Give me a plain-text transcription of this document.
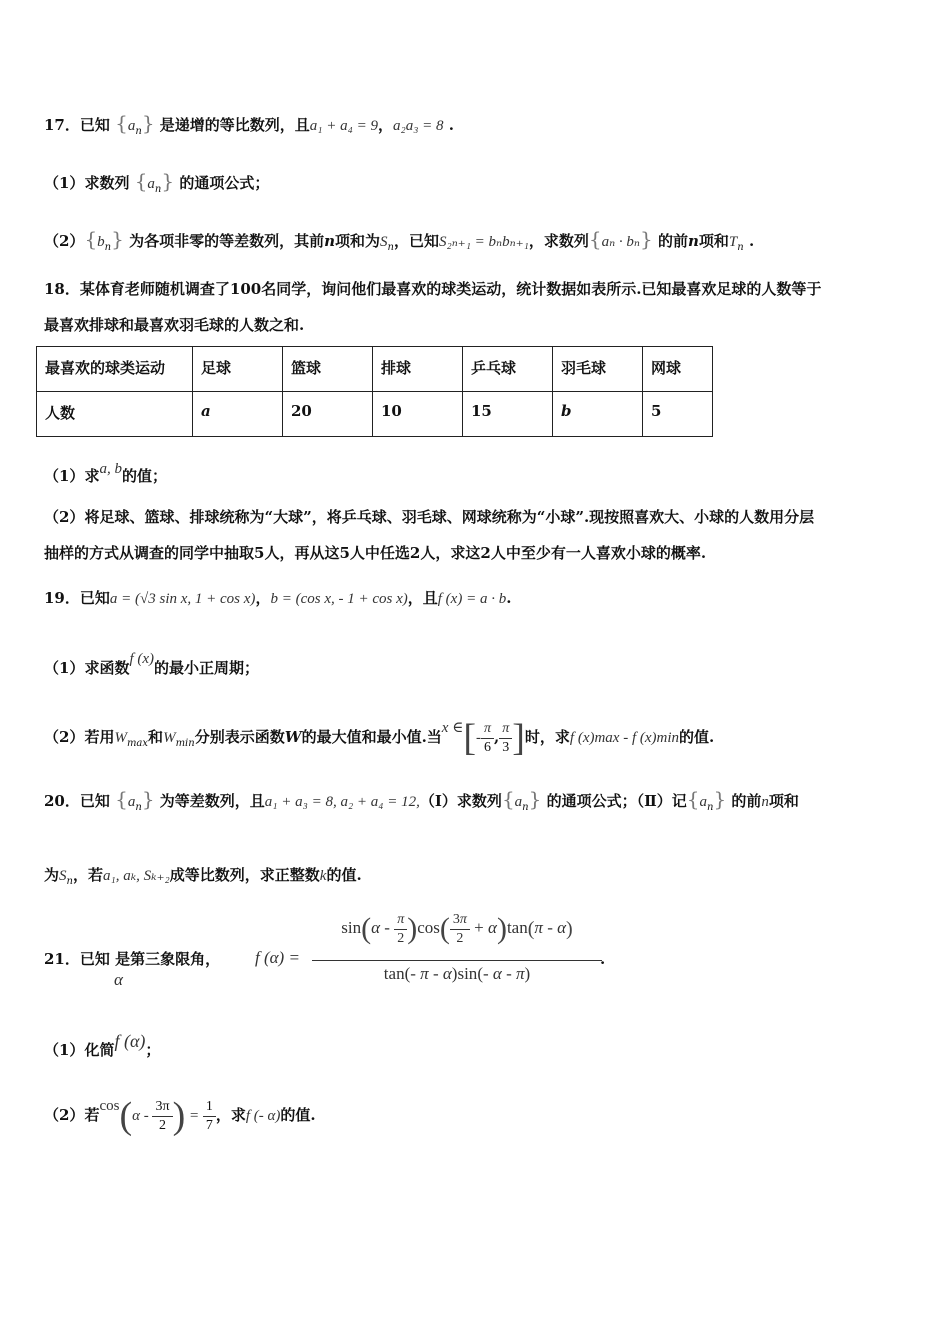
17．已知 $\{a_n\}$ 是递增的等比数列，且a₁ + a₄ = 9，a₂a₃ = 8 .
（1）求数列 $\{a_n\}$ 的通项公式；
$(2)\{b_n\}$ 为各项非零的等差数列，其前n项和为$S_n$，已知S₂ₙ₊₁ = bₙbₙ₊₁，求数列{aₙ · bₙ} 的前n项和$T_n$ .
18．某体育老师随机调查了100名同学，询问他们最喜欢的球类运动，统计数据如表所示.已知最喜欢足球的人数等于
最喜欢排球和最喜欢羽毛球的人数之和.
最喜欢的球类运动	足球	篮球	排球	乒乓球	羽毛球	网球
人数	a	20	10	15	b	5
（1）求a, b的值；
（2）将足球、篮球、排球统称为“大球”，将乒乓球、羽毛球、网球统称为“小球”.现按照喜欢大、小球的人数用分层
抽样的方式从调查的同学中抽取5人，再从这5人中任选2人，求这2人中至少有一人喜欢小球的概率.
19．已知a = (√3 sin x, 1 + cos x)，b = (cos x, - 1 + cos x)，且f (x) = a · b.
（1）求函数f (x)的最小正周期；
（2）若用$W_{max}$和$W_{min}$分别表示函数W的最大值和最小值.当x ∈[- $\frac{\pi}{6}$ , $\frac{\pi}{3}$ ]时，求f (x)max - f (x)min的值.
20．已知 $\{a_n\}$ 为等差数列，且a₁ + a₃ = 8, a₂ + a₄ = 12,（Ⅰ）求数列$\{a_n\}$ 的通项公式；（Ⅱ）记$\{a_n\}$ 的前n项和
为$S_n$，若a₁, aₖ, Sₖ₊₂成等比数列，求正整数k的值.
21．已知 是第三象限角，
α
f (α) =
$\sin(\alpha - \frac{\pi}{2} )\cos( \frac{3\pi}{2} + \alpha)\tan(\pi - \alpha)$
tan(- π - α)sin(- α - π)
.
（1）化简f (α)；
（2）若$\cos(\alpha - \frac{3\pi}{2}$ ) = $\frac{1}{7}$ ，求f (- α)的值.
